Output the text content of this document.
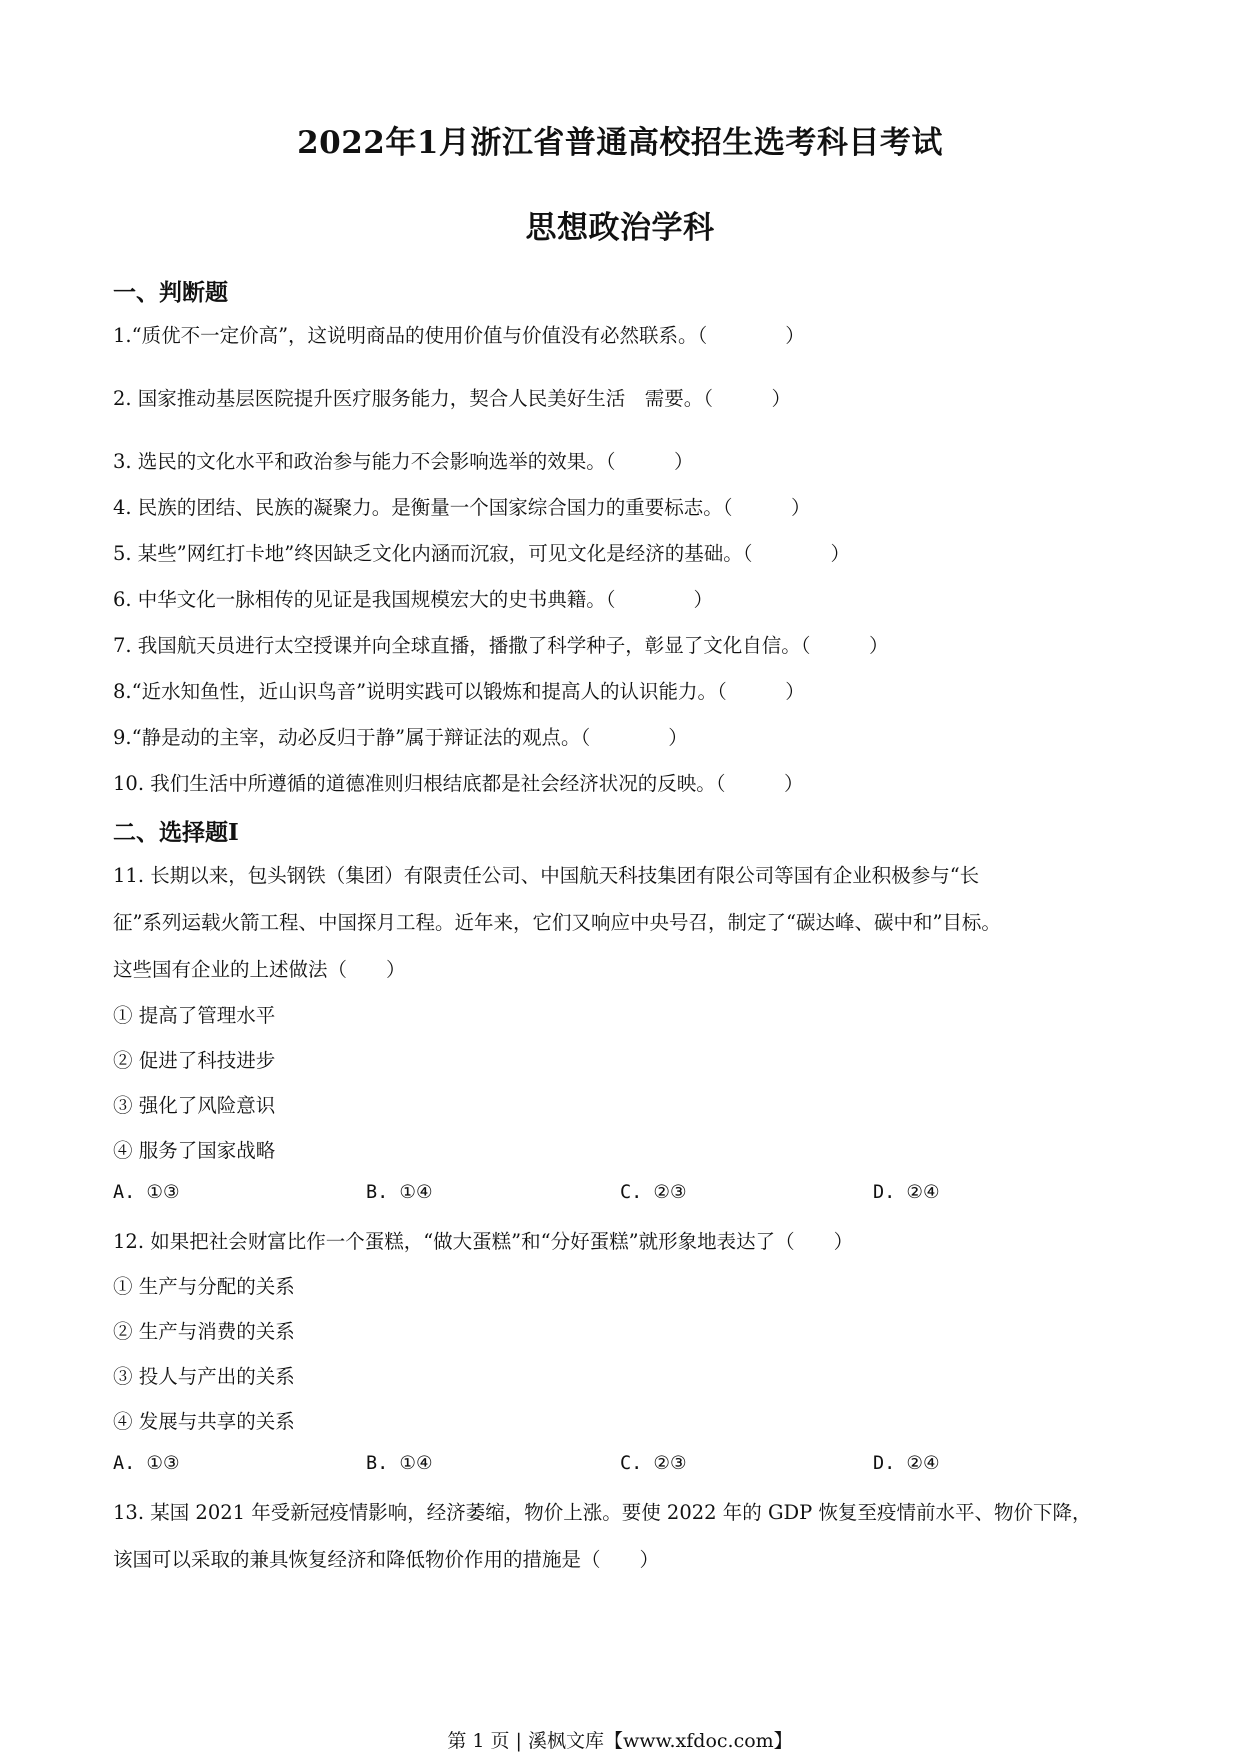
2022年1月浙江省普通高校招生选考科目考试
思想政治学科
一、判断题
1.“质优不一定价高”，这说明商品的使用价值与价值没有必然联系。（　　　　）
2. 国家推动基层医院提升医疗服务能力，契合人民美好生活　需要。（　　　）
3. 选民的文化水平和政治参与能力不会影响选举的效果。（　　　）
4. 民族的团结、民族的凝聚力。是衡量一个国家综合国力的重要标志。（　　　）
5. 某些”网红打卡地”终因缺乏文化内涵而沉寂，可见文化是经济的基础。（　　　　）
6. 中华文化一脉相传的见证是我国规模宏大的史书典籍。（　　　　）
7. 我国航天员进行太空授课并向全球直播，播撒了科学种子，彰显了文化自信。（　　　）
8.“近水知鱼性，近山识鸟音”说明实践可以锻炼和提高人的认识能力。（　　　）
9.“静是动的主宰，动必反归于静”属于辩证法的观点。（　　　　）
10. 我们生活中所遵循的道德准则归根结底都是社会经济状况的反映。（　　　）
二、选择题Ⅰ
11. 长期以来，包头钢铁（集团）有限责任公司、中国航天科技集团有限公司等国有企业积极参与“长
征”系列运载火箭工程、中国探月工程。近年来，它们又响应中央号召，制定了“碳达峰、碳中和”目标。
这些国有企业的上述做法（　　）
① 提高了管理水平
② 促进了科技进步
③ 强化了风险意识
④ 服务了国家战略
A. ①③	B. ①④	C. ②③	D. ②④
12. 如果把社会财富比作一个蛋糕，“做大蛋糕”和“分好蛋糕”就形象地表达了（　　）
① 生产与分配的关系
② 生产与消费的关系
③ 投人与产出的关系
④ 发展与共享的关系
A. ①③	B. ①④	C. ②③	D. ②④
13. 某国 2021 年受新冠疫情影响，经济萎缩，物价上涨。要使 2022 年的 GDP 恢复至疫情前水平、物价下降，
该国可以采取的兼具恢复经济和降低物价作用的措施是（　　）
第 1 页 | 溪枫文库【www.xfdoc.com】
